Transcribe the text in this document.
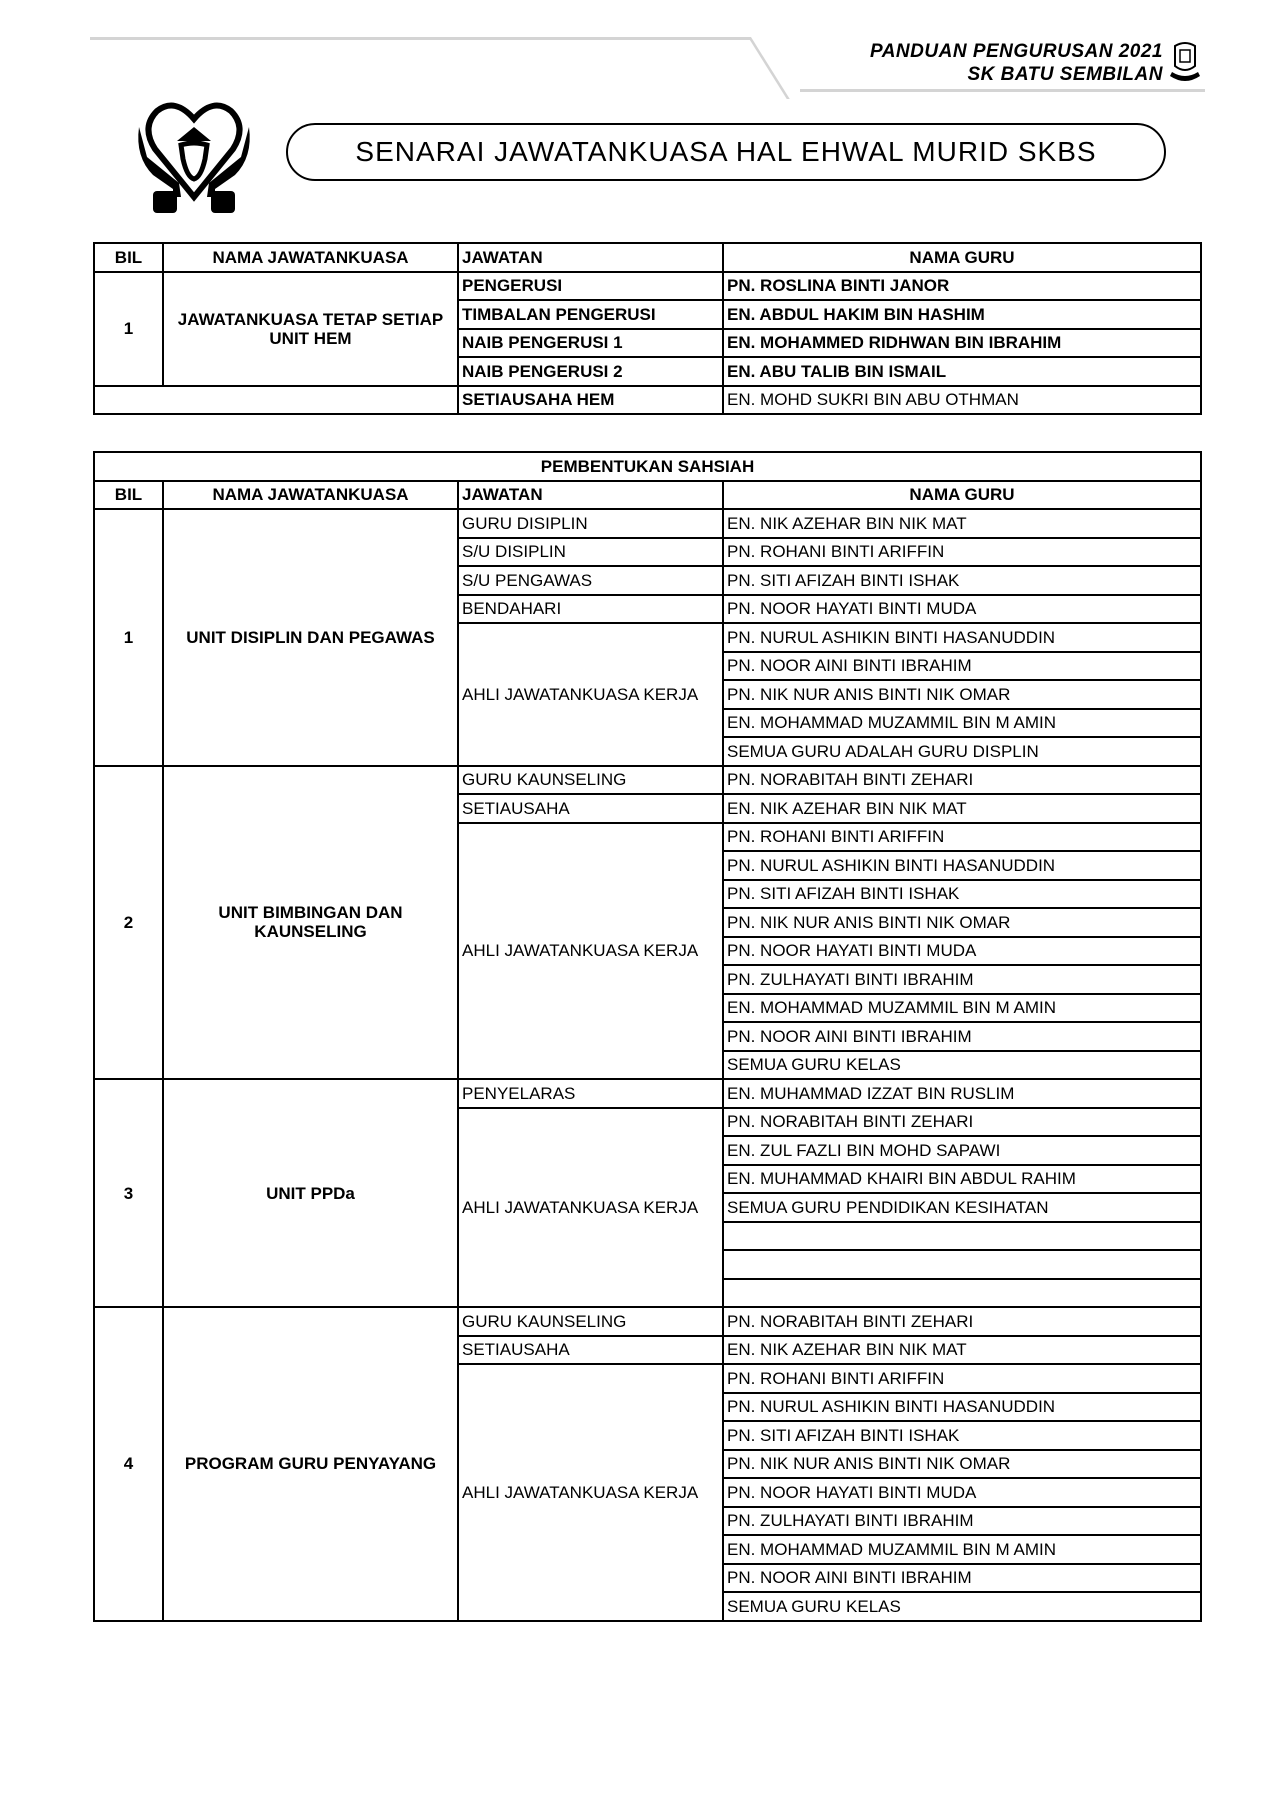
PANDUAN PENGURUSAN 2021
SK BATU SEMBILAN
SENARAI JAWATANKUASA HAL EHWAL MURID SKBS
BIL	NAMA JAWATANKUASA	JAWATAN	NAMA GURU
1	JAWATANKUASA TETAP SETIAP UNIT HEM	PENGERUSI	PN. ROSLINA BINTI JANOR
		TIMBALAN PENGERUSI	EN. ABDUL HAKIM BIN HASHIM
		NAIB PENGERUSI 1	EN. MOHAMMED RIDHWAN BIN IBRAHIM
		NAIB PENGERUSI 2	EN. ABU TALIB BIN ISMAIL
		SETIAUSAHA HEM	EN. MOHD SUKRI BIN ABU OTHMAN
PEMBENTUKAN SAHSIAH			
BIL	NAMA JAWATANKUASA	JAWATAN	NAMA GURU
1	UNIT DISIPLIN DAN PEGAWAS	GURU DISIPLIN	EN. NIK AZEHAR BIN NIK MAT
		S/U DISIPLIN	PN. ROHANI BINTI ARIFFIN
		S/U PENGAWAS	PN. SITI AFIZAH BINTI ISHAK
		BENDAHARI	PN. NOOR HAYATI BINTI MUDA
		AHLI JAWATANKUASA KERJA	PN. NURUL ASHIKIN BINTI HASANUDDIN
			PN. NOOR AINI BINTI IBRAHIM
			PN. NIK NUR ANIS BINTI NIK OMAR
			EN. MOHAMMAD MUZAMMIL BIN M AMIN
			SEMUA GURU ADALAH GURU DISPLIN
2	UNIT BIMBINGAN DAN KAUNSELING	GURU KAUNSELING	PN. NORABITAH BINTI ZEHARI
		SETIAUSAHA	EN. NIK AZEHAR BIN NIK MAT
		AHLI JAWATANKUASA KERJA	PN. ROHANI BINTI ARIFFIN
			PN. NURUL ASHIKIN BINTI HASANUDDIN
			PN. SITI AFIZAH BINTI ISHAK
			PN. NIK NUR ANIS BINTI NIK OMAR
			PN. NOOR HAYATI BINTI MUDA
			PN. ZULHAYATI BINTI IBRAHIM
			EN. MOHAMMAD MUZAMMIL BIN M AMIN
			PN. NOOR AINI BINTI IBRAHIM
			SEMUA GURU KELAS
3	UNIT PPDa	PENYELARAS	EN. MUHAMMAD IZZAT BIN RUSLIM
		AHLI JAWATANKUASA KERJA	PN. NORABITAH BINTI ZEHARI
			EN. ZUL FAZLI BIN MOHD SAPAWI
			EN. MUHAMMAD KHAIRI BIN ABDUL RAHIM
			SEMUA GURU PENDIDIKAN KESIHATAN

4	PROGRAM GURU PENYAYANG	GURU KAUNSELING	PN. NORABITAH BINTI ZEHARI
		SETIAUSAHA	EN. NIK AZEHAR BIN NIK MAT
		AHLI JAWATANKUASA KERJA	PN. ROHANI BINTI ARIFFIN
			PN. NURUL ASHIKIN BINTI HASANUDDIN
			PN. SITI AFIZAH BINTI ISHAK
			PN. NIK NUR ANIS BINTI NIK OMAR
			PN. NOOR HAYATI BINTI MUDA
			PN. ZULHAYATI BINTI IBRAHIM
			EN. MOHAMMAD MUZAMMIL BIN M AMIN
			PN. NOOR AINI BINTI IBRAHIM
			SEMUA GURU KELAS
